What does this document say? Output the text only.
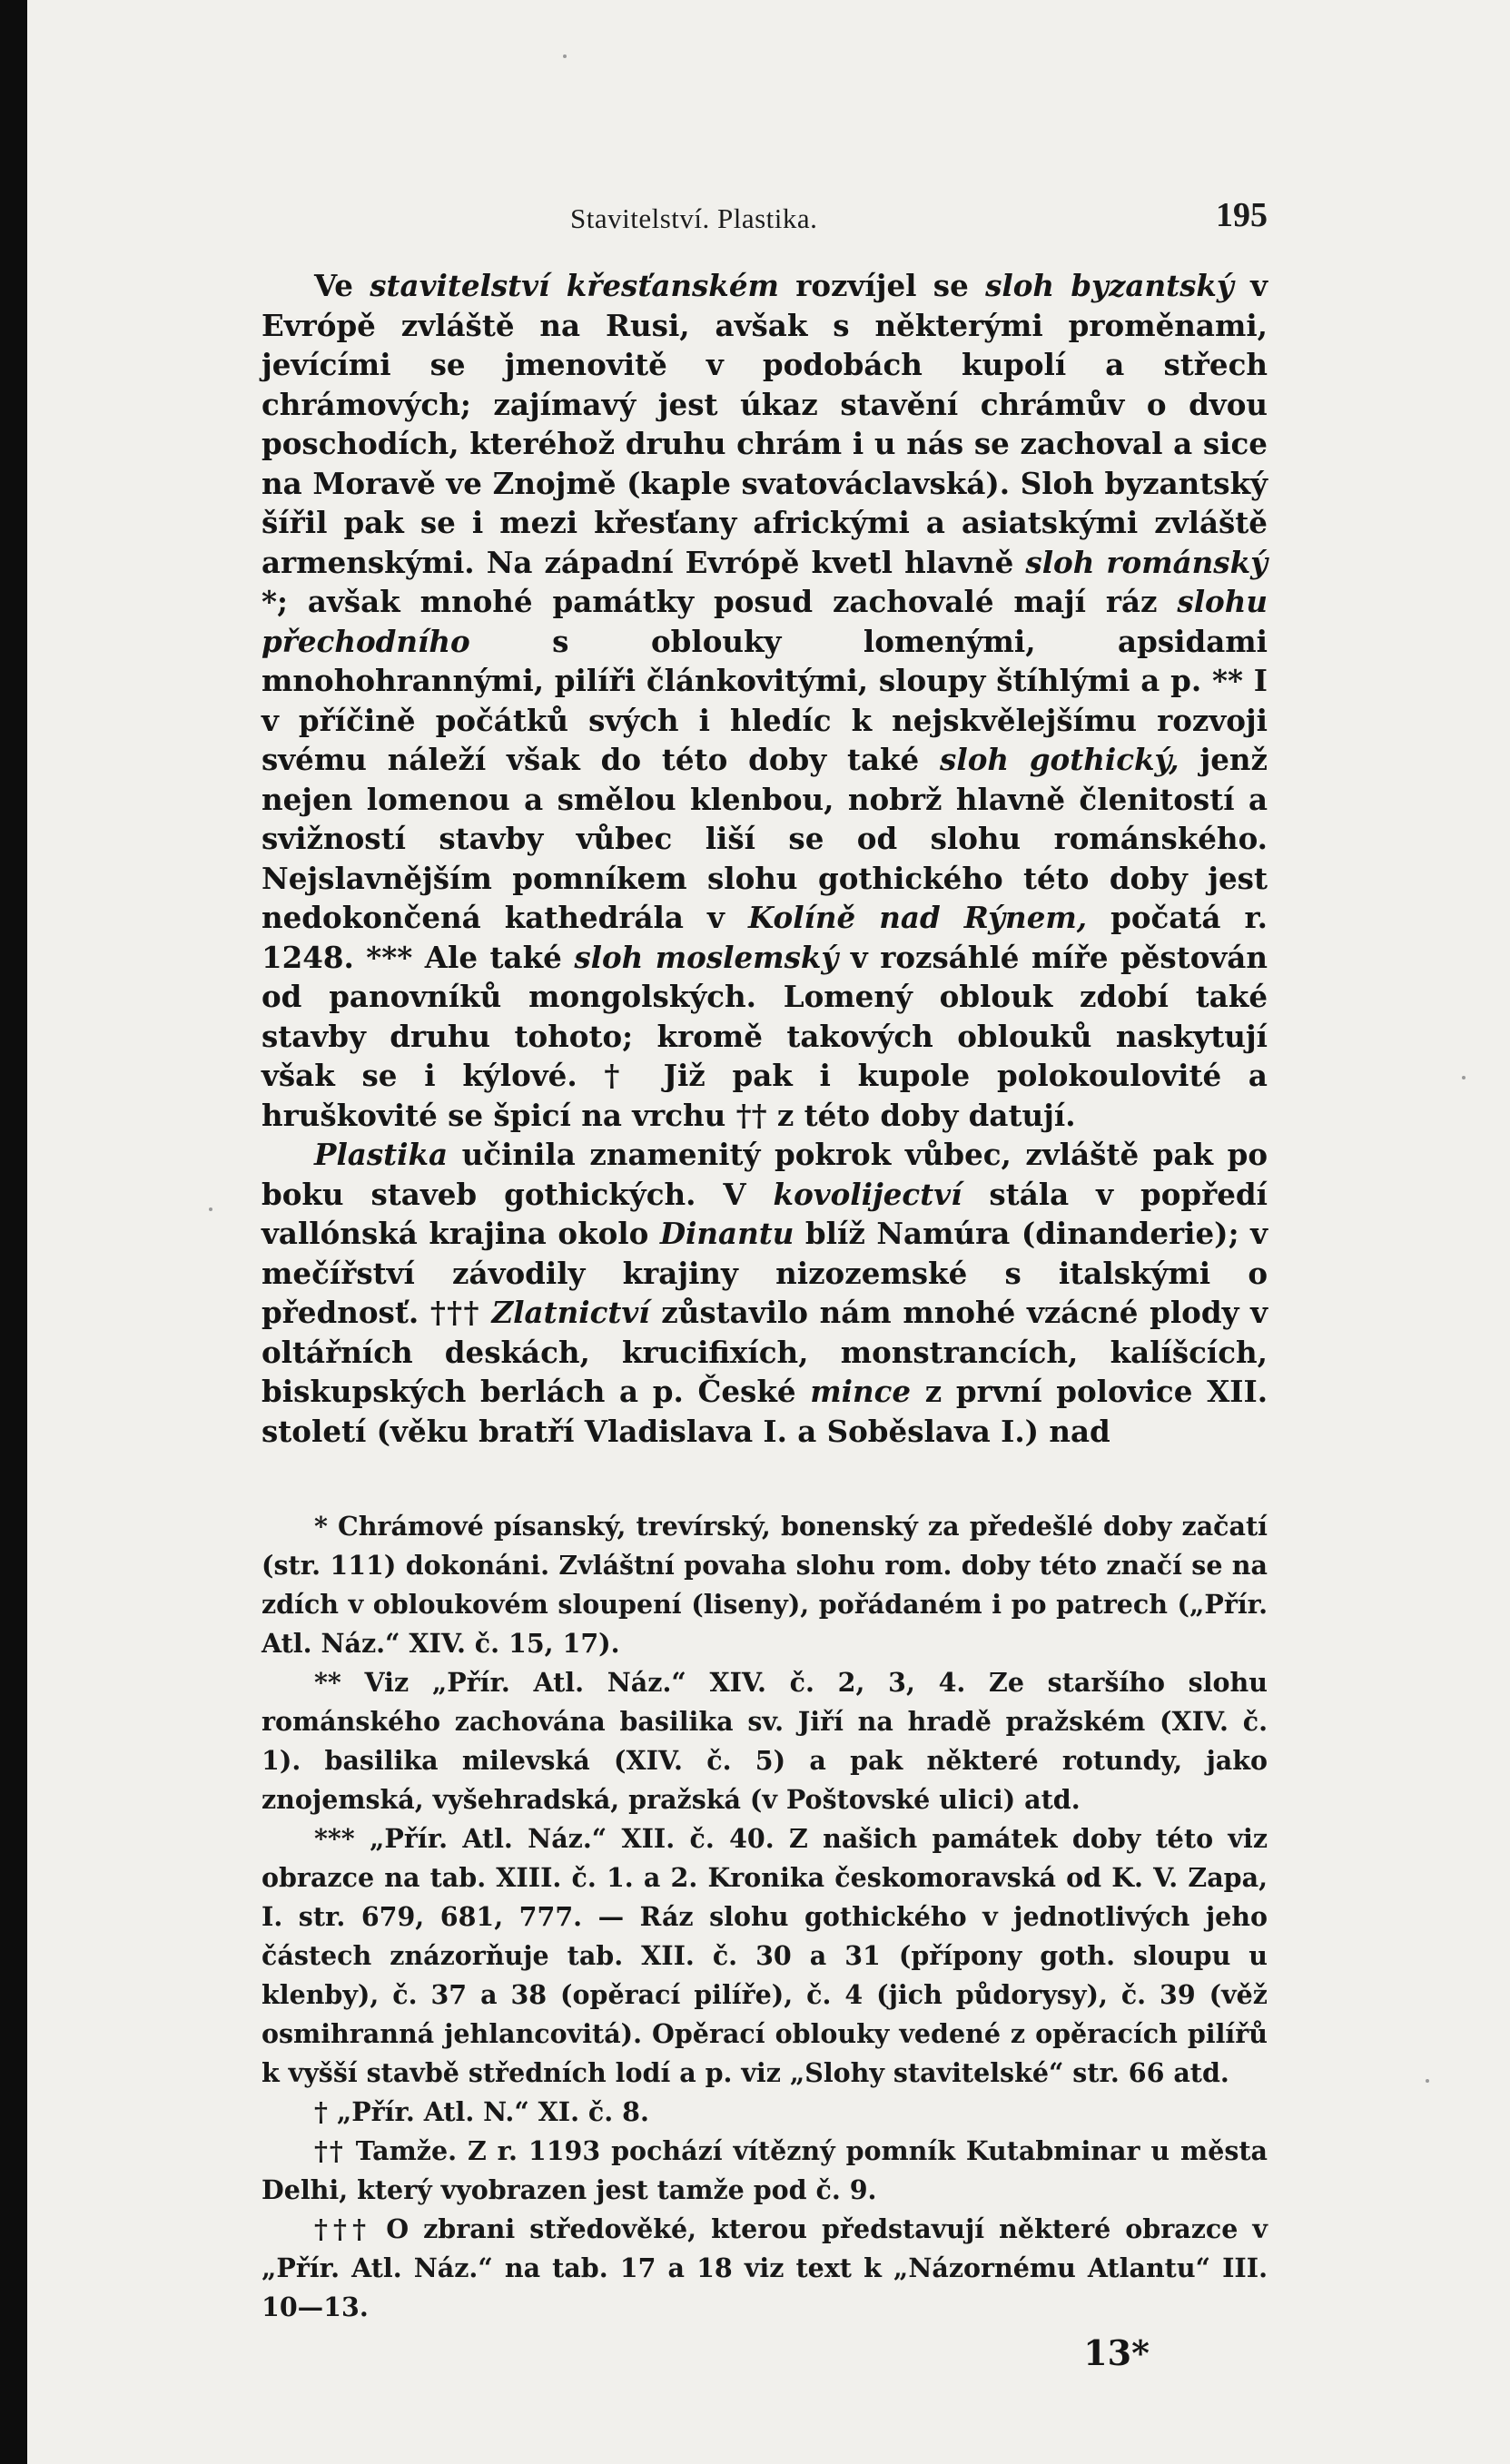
Stavitelství. Plastika.	195

Ve stavitelství křesťanském rozvíjel se sloh byzantský v Evrópě zvláště na Rusi, avšak s některými proměnami, jevícími se jmenovitě v podobách kupolí a střech chrámových; zajímavý jest úkaz stavění chrámův o dvou poschodích, kteréhož druhu chrám i u nás se zachoval a sice na Moravě ve Znojmě (kaple svatováclavská). Sloh byzantský šířil pak se i mezi křesťany africkými a asiatskými zvláště armenskými. Na západní Evrópě kvetl hlavně sloh románský *; avšak mnohé památky posud zachovalé mají ráz slohu přechodního s oblouky lomenými, apsidami mnohohrannými, pilíři článkovitými, sloupy štíhlými a p. ** I v příčině počátků svých i hledíc k nejskvělejšímu rozvoji svému náleží však do této doby také sloh gothický, jenž nejen lomenou a smělou klenbou, nobrž hlavně členitostí a svižností stavby vůbec liší se od slohu románského. Nejslavnějším pomníkem slohu gothického této doby jest nedokončená kathedrála v Kolíně nad Rýnem, počatá r. 1248. *** Ale také sloh moslemský v rozsáhlé míře pěstován od panovníků mongolských. Lomený oblouk zdobí také stavby druhu tohoto; kromě takových oblouků naskytují však se i kýlové. † Již pak i kupole polokoulovité a hruškovité se špicí na vrchu †† z této doby datují.

Plastika učinila znamenitý pokrok vůbec, zvláště pak po boku staveb gothických. V kovolijectví stála v popředí vallónská krajina okolo Dinantu blíž Namúra (dinanderie); v mečířství závodily krajiny nizozemské s italskými o přednosť. ††† Zlatnictví zůstavilo nám mnohé vzácné plody v oltářních deskách, krucifixích, monstrancích, kalíšcích, biskupských berlách a p. České mince z první polovice XII. století (věku bratří Vladislava I. a Soběslava I.) nad

* Chrámové písanský, trevírský, bonenský za předešlé doby začatí (str. 111) dokonáni. Zvláštní povaha slohu rom. doby této značí se na zdích v obloukovém sloupení (liseny), pořádaném i po patrech („Přír. Atl. Náz.“ XIV. č. 15, 17).

** Viz „Přír. Atl. Náz.“ XIV. č. 2, 3, 4. Ze staršího slohu románského zachována basilika sv. Jiří na hradě pražském (XIV. č. 1). basilika milevská (XIV. č. 5) a pak některé rotundy, jako znojemská, vyšehradská, pražská (v Poštovské ulici) atd.

*** „Přír. Atl. Náz.“ XII. č. 40. Z našich památek doby této viz obrazce na tab. XIII. č. 1. a 2. Kronika českomoravská od K. V. Zapa, I. str. 679, 681, 777. — Ráz slohu gothického v jednotlivých jeho částech znázorňuje tab. XII. č. 30 a 31 (přípony goth. sloupu u klenby), č. 37 a 38 (opěrací pilíře), č. 4 (jich půdorysy), č. 39 (věž osmihranná jehlancovitá). Opěrací oblouky vedené z opěracích pilířů k vyšší stavbě středních lodí a p. viz „Slohy stavitelské“ str. 66 atd.

† „Přír. Atl. N.“ XI. č. 8.

†† Tamže. Z r. 1193 pochází vítězný pomník Kutabminar u města Delhi, který vyobrazen jest tamže pod č. 9.

††† O zbrani středověké, kterou představují některé obrazce v „Přír. Atl. Náz.“ na tab. 17 a 18 viz text k „Názornému Atlantu“ III. 10—13.

13*
